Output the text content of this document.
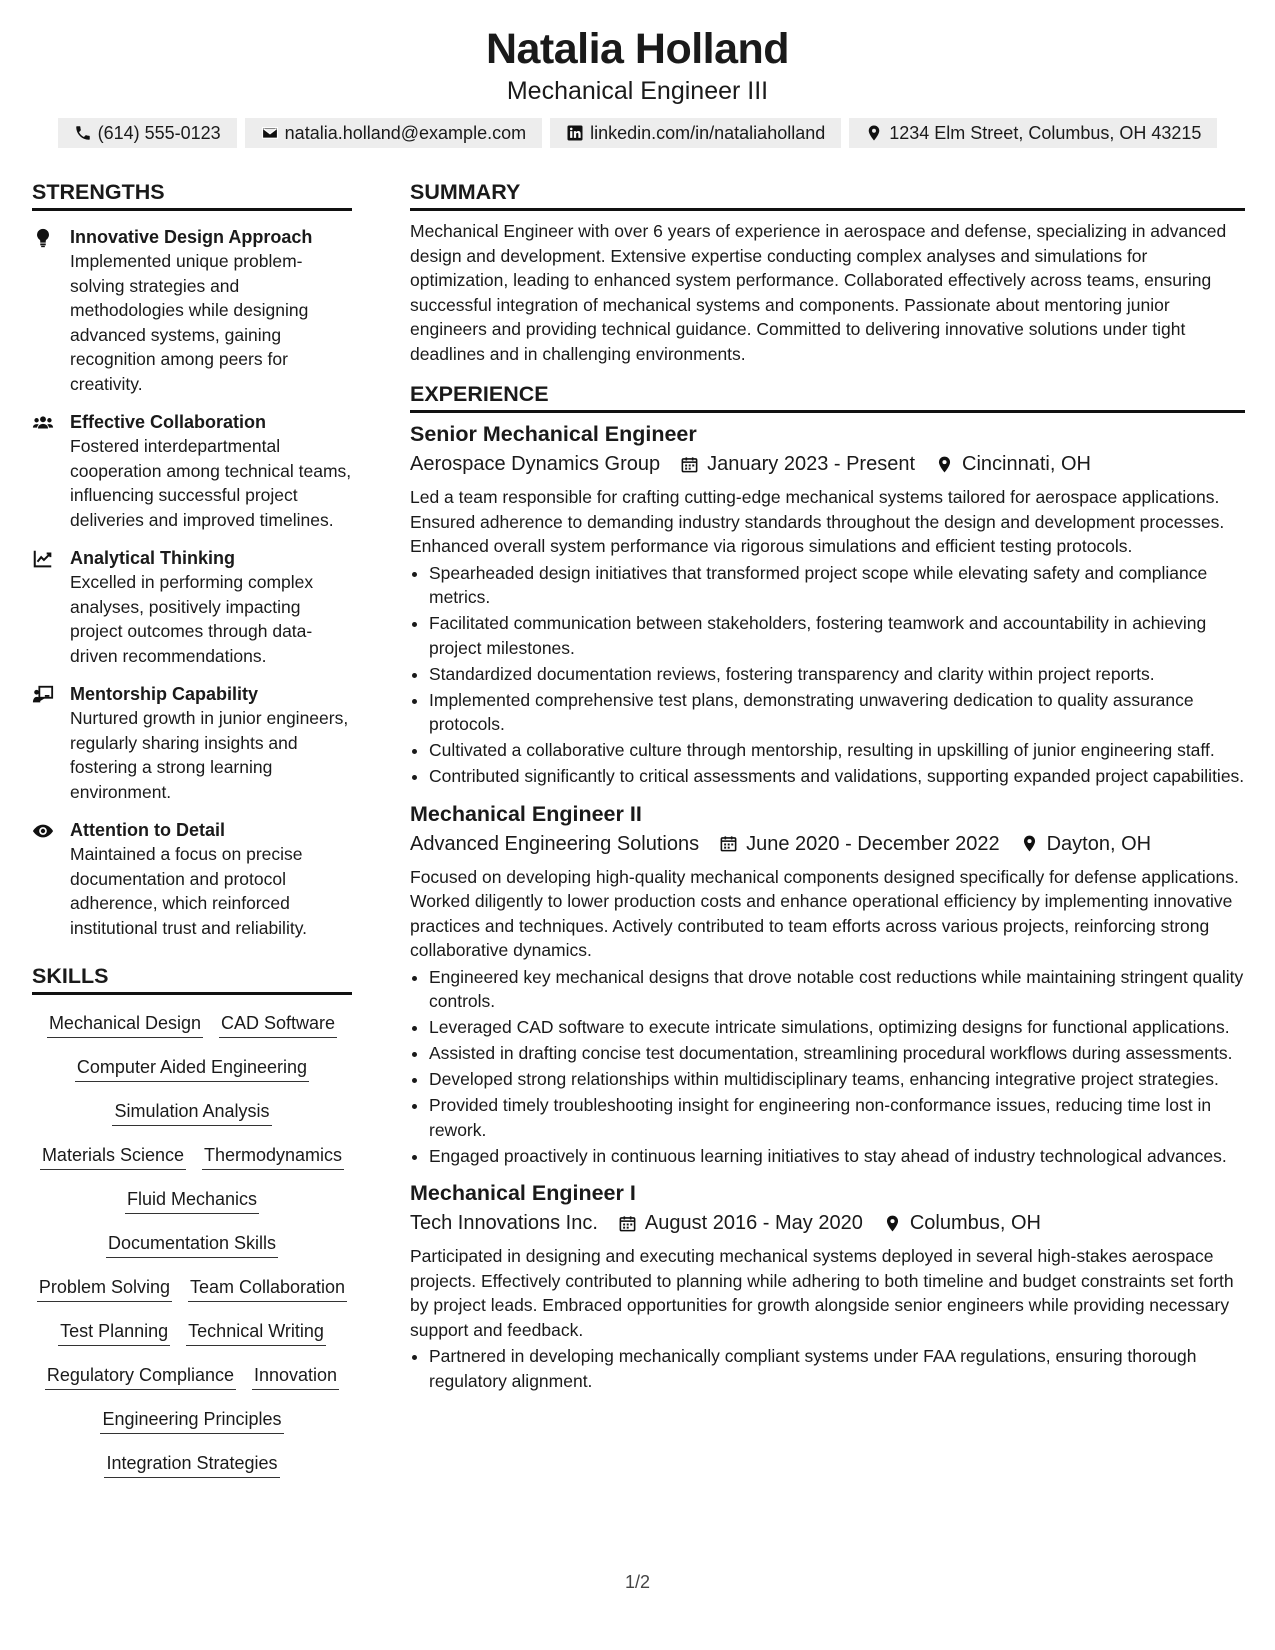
Natalia Holland
Mechanical Engineer III
(614) 555-0123	natalia.holland@example.com	linkedin.com/in/nataliaholland	1234 Elm Street, Columbus, OH 43215
STRENGTHS
Innovative Design Approach
Implemented unique problem-solving strategies and methodologies while designing advanced systems, gaining recognition among peers for creativity.
Effective Collaboration
Fostered interdepartmental cooperation among technical teams, influencing successful project deliveries and improved timelines.
Analytical Thinking
Excelled in performing complex analyses, positively impacting project outcomes through data-driven recommendations.
Mentorship Capability
Nurtured growth in junior engineers, regularly sharing insights and fostering a strong learning environment.
Attention to Detail
Maintained a focus on precise documentation and protocol adherence, which reinforced institutional trust and reliability.
SKILLS
Mechanical Design CAD Software
Computer Aided Engineering
Simulation Analysis
Materials Science Thermodynamics
Fluid Mechanics
Documentation Skills
Problem Solving Team Collaboration
Test Planning Technical Writing
Regulatory Compliance Innovation
Engineering Principles
Integration Strategies
SUMMARY
Mechanical Engineer with over 6 years of experience in aerospace and defense, specializing in advanced design and development. Extensive expertise conducting complex analyses and simulations for optimization, leading to enhanced system performance. Collaborated effectively across teams, ensuring successful integration of mechanical systems and components. Passionate about mentoring junior engineers and providing technical guidance. Committed to delivering innovative solutions under tight deadlines and in challenging environments.
EXPERIENCE
Senior Mechanical Engineer
Aerospace Dynamics Group January 2023 - Present Cincinnati, OH
Led a team responsible for crafting cutting-edge mechanical systems tailored for aerospace applications. Ensured adherence to demanding industry standards throughout the design and development processes. Enhanced overall system performance via rigorous simulations and efficient testing protocols.
• Spearheaded design initiatives that transformed project scope while elevating safety and compliance metrics.
• Facilitated communication between stakeholders, fostering teamwork and accountability in achieving project milestones.
• Standardized documentation reviews, fostering transparency and clarity within project reports.
• Implemented comprehensive test plans, demonstrating unwavering dedication to quality assurance protocols.
• Cultivated a collaborative culture through mentorship, resulting in upskilling of junior engineering staff.
• Contributed significantly to critical assessments and validations, supporting expanded project capabilities.
Mechanical Engineer II
Advanced Engineering Solutions June 2020 - December 2022 Dayton, OH
Focused on developing high-quality mechanical components designed specifically for defense applications. Worked diligently to lower production costs and enhance operational efficiency by implementing innovative practices and techniques. Actively contributed to team efforts across various projects, reinforcing strong collaborative dynamics.
• Engineered key mechanical designs that drove notable cost reductions while maintaining stringent quality controls.
• Leveraged CAD software to execute intricate simulations, optimizing designs for functional applications.
• Assisted in drafting concise test documentation, streamlining procedural workflows during assessments.
• Developed strong relationships within multidisciplinary teams, enhancing integrative project strategies.
• Provided timely troubleshooting insight for engineering non-conformance issues, reducing time lost in rework.
• Engaged proactively in continuous learning initiatives to stay ahead of industry technological advances.
Mechanical Engineer I
Tech Innovations Inc. August 2016 - May 2020 Columbus, OH
Participated in designing and executing mechanical systems deployed in several high-stakes aerospace projects. Effectively contributed to planning while adhering to both timeline and budget constraints set forth by project leads. Embraced opportunities for growth alongside senior engineers while providing necessary support and feedback.
• Partnered in developing mechanically compliant systems under FAA regulations, ensuring thorough regulatory alignment.
1/2
